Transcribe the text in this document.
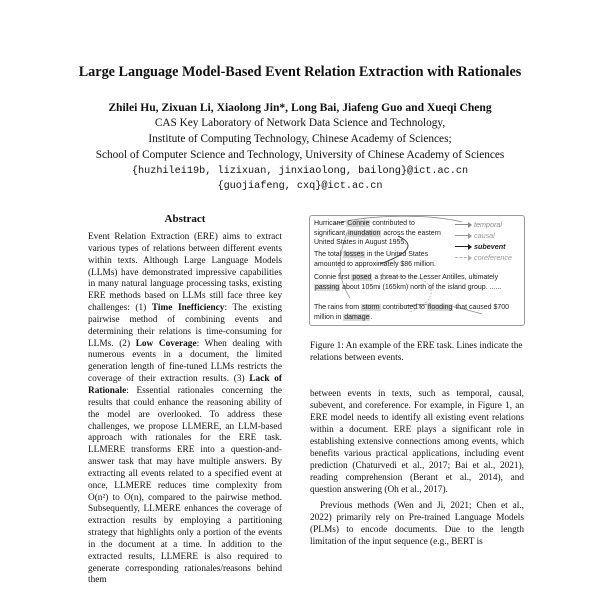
Large Language Model-Based Event Relation Extraction with Rationales
Zhilei Hu, Zixuan Li, Xiaolong Jin*, Long Bai, Jiafeng Guo and Xueqi Cheng
CAS Key Laboratory of Network Data Science and Technology,
Institute of Computing Technology, Chinese Academy of Sciences;
School of Computer Science and Technology, University of Chinese Academy of Sciences
{huzhilei19b, lizixuan, jinxiaolong, bailong}@ict.ac.cn
{guojiafeng, cxq}@ict.ac.cn
Abstract

Event Relation Extraction (ERE) aims to extract various types of relations between different events within texts. Although Large Language Models (LLMs) have demonstrated impressive capabilities in many natural language processing tasks, existing ERE methods based on LLMs still face three key challenges: (1) Time Inefficiency: The existing pairwise method of combining events and determining their relations is time-consuming for LLMs. (2) Low Coverage: When dealing with numerous events in a document, the limited generation length of fine-tuned LLMs restricts the coverage of their extraction results. (3) Lack of Rationale: Essential rationales concerning the results that could enhance the reasoning ability of the model are overlooked. To address these challenges, we propose LLMERE, an LLM-based approach with rationales for the ERE task. LLMERE transforms ERE into a question-and-answer task that may have multiple answers. By extracting all events related to a specified event at once, LLMERE reduces time complexity from O(n²) to O(n), compared to the pairwise method. Subsequently, LLMERE enhances the coverage of extraction results by employing a partitioning strategy that highlights only a portion of the events in the document at a time. In addition to the extracted results, LLMERE is also required to generate corresponding rationales/reasons behind them

Hurricane Connie contributed to significant inundation across the eastern United States in August 1955.

The total losses in the United States amounted to approximately $86 million.

Connie first posed a threat to the Lesser Antilles, ultimately passing about 105mi (165km) north of the island group. ......

The rains from storm contributed to flooding that caused $700 million in damage.

temporal
causal
subevent
coreference

Figure 1: An example of the ERE task. Lines indicate the relations between events.

between events in texts, such as temporal, causal, subevent, and coreference. For example, in Figure 1, an ERE model needs to identify all existing event relations within a document. ERE plays a significant role in establishing extensive connections among events, which benefits various practical applications, including event prediction (Chaturvedi et al., 2017; Bai et al., 2021), reading comprehension (Berant et al., 2014), and question answering (Oh et al., 2017).

Previous methods (Wen and Ji, 2021; Chen et al., 2022) primarily rely on Pre-trained Language Models (PLMs) to encode documents. Due to the length limitation of the input sequence (e.g., BERT is
